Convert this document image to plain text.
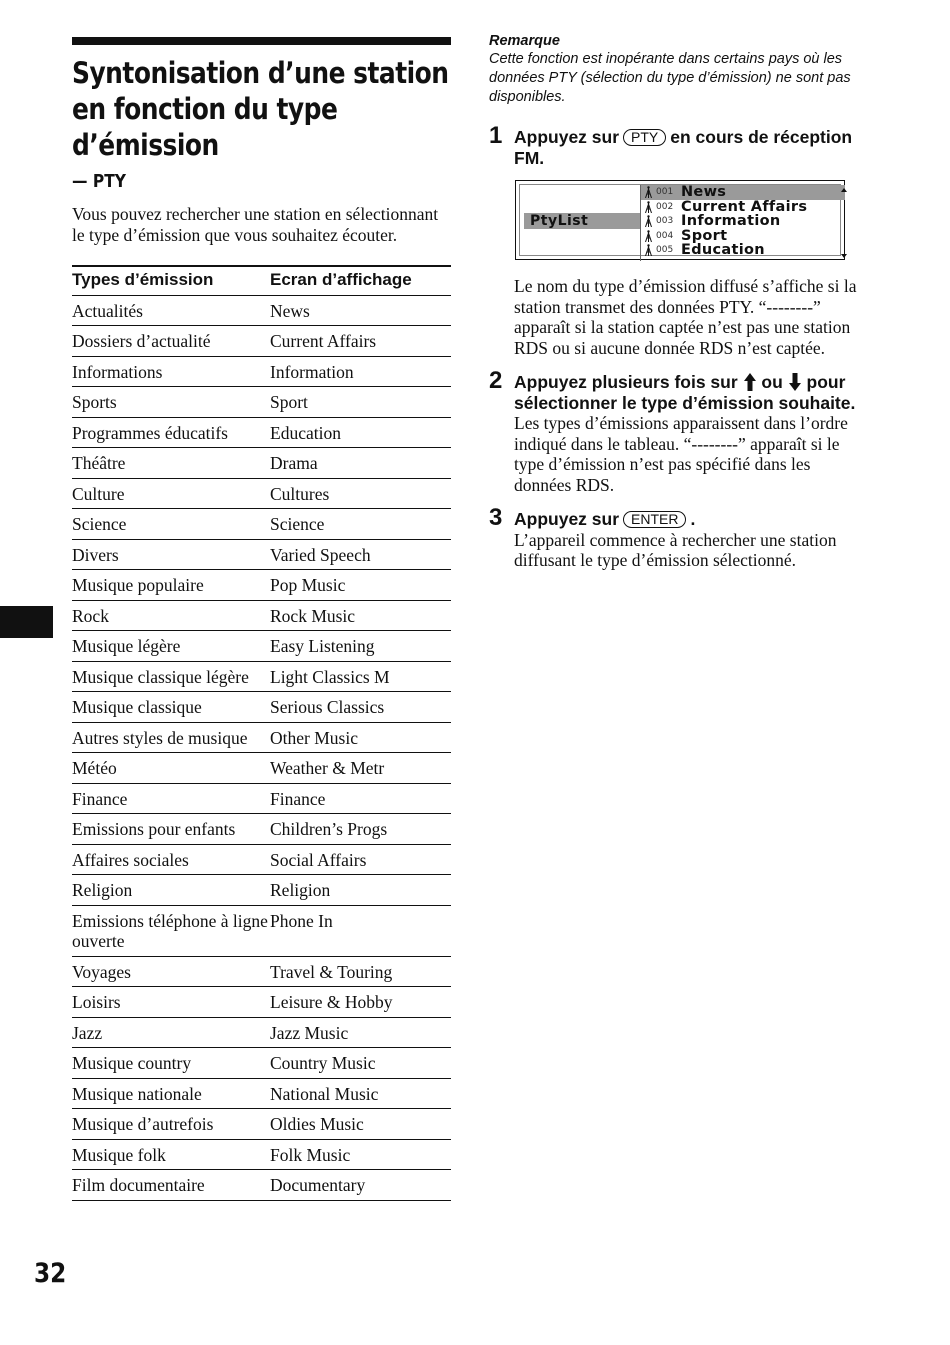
Syntonisation d’une station en fonction du type d’émission
— PTY

Vous pouvez rechercher une station en sélectionnant le type d’émission que vous souhaitez écouter.

Types d’émission	Ecran d’affichage
Actualités	News
Dossiers d’actualité	Current Affairs
Informations	Information
Sports	Sport
Programmes éducatifs	Education
Théâtre	Drama
Culture	Cultures
Science	Science
Divers	Varied Speech
Musique populaire	Pop Music
Rock	Rock Music
Musique légère	Easy Listening
Musique classique légère	Light Classics M
Musique classique	Serious Classics
Autres styles de musique	Other Music
Météo	Weather & Metr
Finance	Finance
Emissions pour enfants	Children’s Progs
Affaires sociales	Social Affairs
Religion	Religion
Emissions téléphone à ligne ouverte	Phone In
Voyages	Travel & Touring
Loisirs	Leisure & Hobby
Jazz	Jazz Music
Musique country	Country Music
Musique nationale	National Music
Musique d’autrefois	Oldies Music
Musique folk	Folk Music
Film documentaire	Documentary
32
Remarque
Cette fonction est inopérante dans certains pays où les données PTY (sélection du type d’émission) ne sont pas disponibles.
1 Appuyez sur PTY en cours de réception FM.
PtyList
001 News
002 Current Affairs
003 Information
004 Sport
005 Education
Le nom du type d’émission diffusé s’affiche si la station transmet des données PTY. “--------” apparaît si la station captée n’est pas une station RDS ou si aucune donnée RDS n’est captée.
2 Appuyez plusieurs fois sur ou pour sélectionner le type d’émission souhaite.
Les types d’émissions apparaissent dans l’ordre indiqué dans le tableau. “--------” apparaît si le type d’émission n’est pas spécifié dans les données RDS.
3 Appuyez sur ENTER .
L’appareil commence à rechercher une station diffusant le type d’émission sélectionné.
